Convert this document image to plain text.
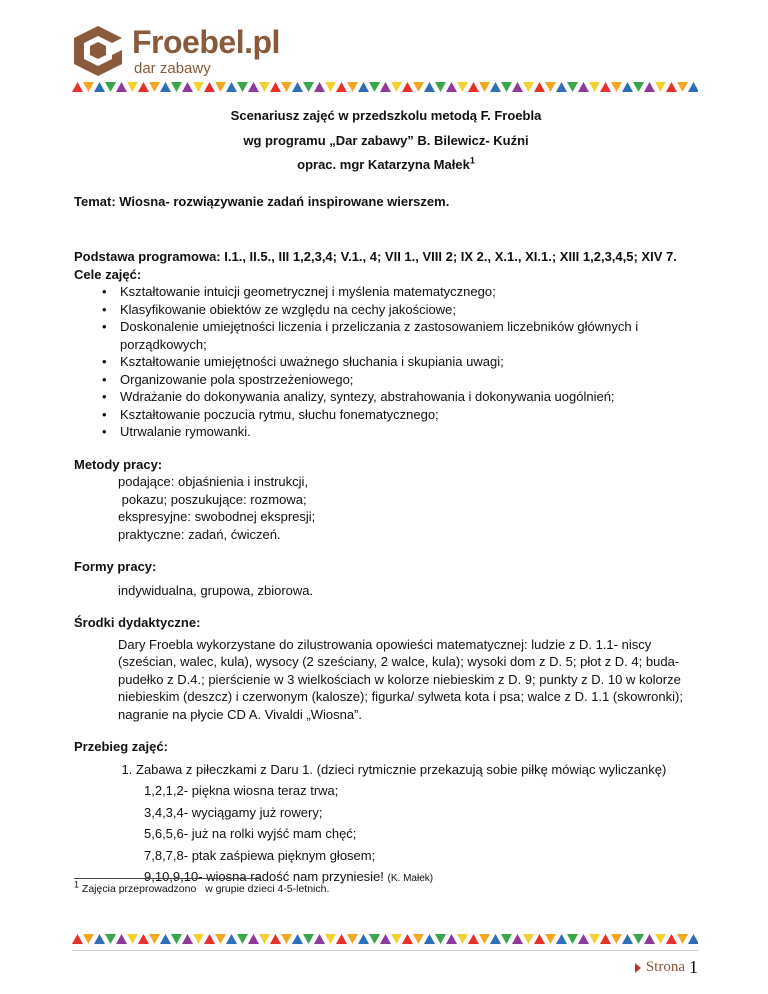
Froebel.pl
dar zabawy
Scenariusz zajęć w przedszkolu metodą F. Froebla
wg programu „Dar zabawy” B. Bilewicz- Kuźni
oprac. mgr Katarzyna Małek$^1$
Temat: Wiosna- rozwiązywanie zadań inspirowane wierszem.
Podstawa programowa: I.1., II.5., III 1,2,3,4; V.1., 4; VII 1., VIII 2; IX 2., X.1., XI.1.; XIII 1,2,3,4,5; XIV 7.
Cele zajęć:
• Kształtowanie intuicji geometrycznej i myślenia matematycznego;
• Klasyfikowanie obiektów ze względu na cechy jakościowe;
• Doskonalenie umiejętności liczenia i przeliczania z zastosowaniem liczebników głównych i porządkowych;
• Kształtowanie umiejętności uważnego słuchania i skupiania uwagi;
• Organizowanie pola spostrzeżeniowego;
• Wdrażanie do dokonywania analizy, syntezy, abstrahowania i dokonywania uogólnień;
• Kształtowanie poczucia rytmu, słuchu fonematycznego;
• Utrwalanie rymowanki.
Metody pracy:
podające: objaśnienia i instrukcji,
pokazu; poszukujące: rozmowa;
ekspresyjne: swobodnej ekspresji;
praktyczne: zadań, ćwiczeń.
Formy pracy:
indywidualna, grupowa, zbiorowa.
Środki dydaktyczne:
Dary Froebla wykorzystane do zilustrowania opowieści matematycznej: ludzie z D. 1.1- niscy (sześcian, walec, kula), wysocy (2 sześciany, 2 walce, kula); wysoki dom z D. 5; płot z D. 4; buda-pudełko z D.4.; pierścienie w 3 wielkościach w kolorze niebieskim z D. 9; punkty z D. 10 w kolorze niebieskim (deszcz) i czerwonym (kalosze); figurka/ sylweta kota i psa; walce z D. 1.1 (skowronki); nagranie na płycie CD A. Vivaldi „Wiosna”.
Przebieg zajęć:
1. Zabawa z piłeczkami z Daru 1. (dzieci rytmicznie przekazują sobie piłkę mówiąc wyliczankę)
1,2,1,2- piękna wiosna teraz trwa;
3,4,3,4- wyciągamy już rowery;
5,6,5,6- już na rolki wyjść mam chęć;
7,8,7,8- ptak zaśpiewa pięknym głosem;
9,10,9,10- wiosna radość nam przyniesie! (K. Małek)
$^1$ Zajęcia przeprowadzono   w grupie dzieci 4-5-letnich.
Strona 1
